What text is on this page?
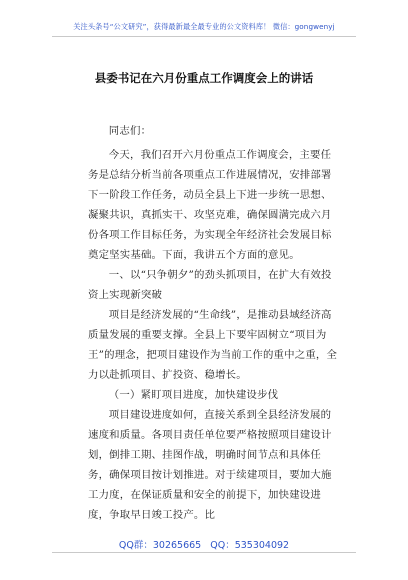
关注头条号“公文研究”，获得最新最全最专业的公文资料库！ 微信：gongwenyj
县委书记在六月份重点工作调度会上的讲话

同志们：

今天，我们召开六月份重点工作调度会，主要任务是总结分析当前各项重点工作进展情况，安排部署下一阶段工作任务，动员全县上下进一步统一思想、凝聚共识，真抓实干、攻坚克难，确保圆满完成六月份各项工作目标任务，为实现全年经济社会发展目标奠定坚实基础。下面，我讲五个方面的意见。

一、以“只争朝夕”的劲头抓项目，在扩大有效投资上实现新突破

项目是经济发展的“生命线”，是推动县域经济高质量发展的重要支撑。全县上下要牢固树立“项目为王”的理念，把项目建设作为当前工作的重中之重，全力以赴抓项目、扩投资、稳增长。

（一）紧盯项目进度，加快建设步伐

项目建设进度如何，直接关系到全县经济发展的速度和质量。各项目责任单位要严格按照项目建设计划，倒排工期、挂图作战，明确时间节点和具体任务，确保项目按计划推进。对于续建项目，要加大施工力度，在保证质量和安全的前提下，加快建设进度，争取早日竣工投产。比

QQ群：30265665 QQ：535304092
